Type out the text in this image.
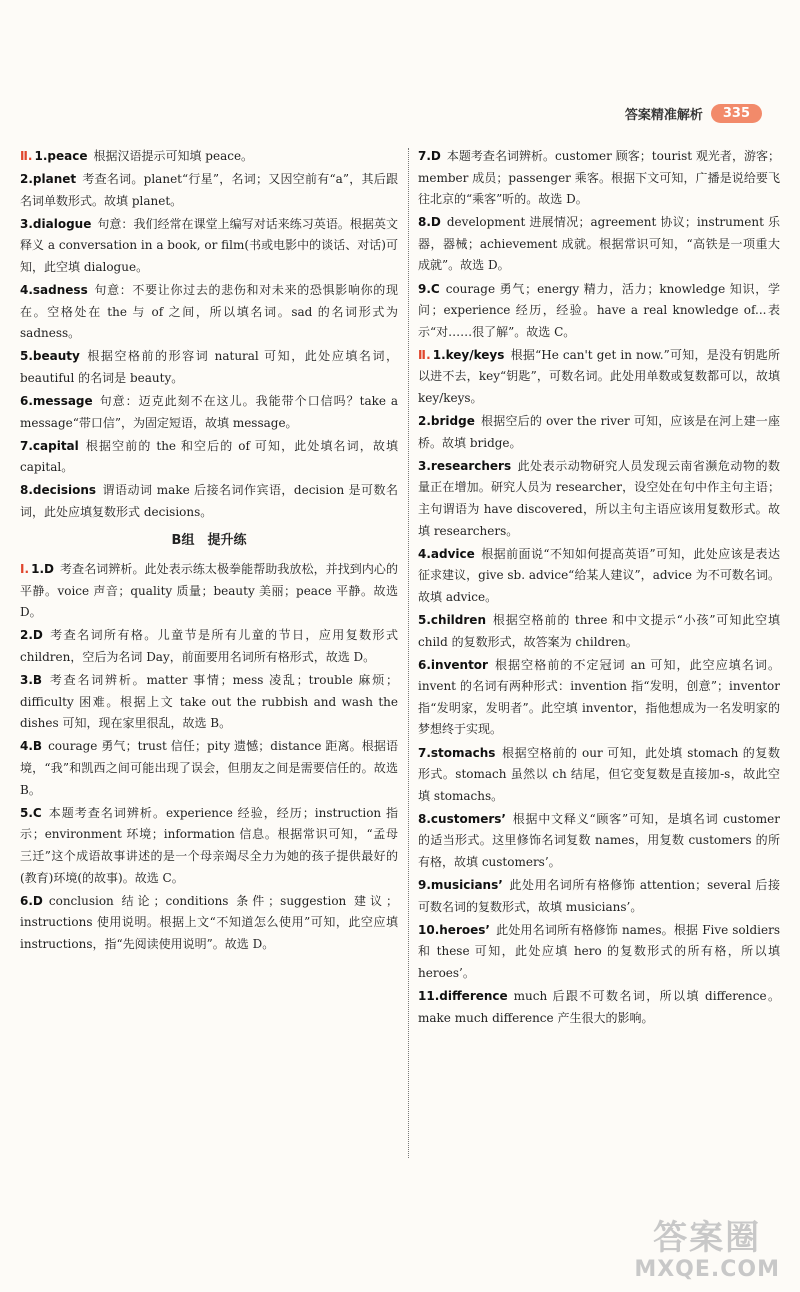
答案精准解析	335
Ⅱ. 1.peace 根据汉语提示可知填 peace。
2.planet 考查名词。planet“行星”，名词；又因空前有“a”，其后跟名词单数形式。故填 planet。
3.dialogue 句意：我们经常在课堂上编写对话来练习英语。根据英文释义 a conversation in a book, or film(书或电影中的谈话、对话)可知，此空填 dialogue。
4.sadness 句意：不要让你过去的悲伤和对未来的恐惧影响你的现在。空格处在 the 与 of 之间，所以填名词。sad 的名词形式为 sadness。
5.beauty 根据空格前的形容词 natural 可知，此处应填名词，beautiful 的名词是 beauty。
6.message 句意：迈克此刻不在这儿。我能带个口信吗？take a message“带口信”，为固定短语，故填 message。
7.capital 根据空前的 the 和空后的 of 可知，此处填名词，故填 capital。
8.decisions 谓语动词 make 后接名词作宾语，decision 是可数名词，此处应填复数形式 decisions。
B组　提升练
Ⅰ. 1.D 考查名词辨析。此处表示练太极拳能帮助我放松，并找到内心的平静。voice 声音；quality 质量；beauty 美丽；peace 平静。故选 D。
2.D 考查名词所有格。儿童节是所有儿童的节日，应用复数形式 children，空后为名词 Day，前面要用名词所有格形式，故选 D。
3.B 考查名词辨析。matter 事情；mess 凌乱；trouble 麻烦；difficulty 困难。根据上文 take out the rubbish and wash the dishes 可知，现在家里很乱，故选 B。
4.B courage 勇气；trust 信任；pity 遗憾；distance 距离。根据语境，“我”和凯西之间可能出现了误会，但朋友之间是需要信任的。故选 B。
5.C 本题考查名词辨析。experience 经验，经历；instruction 指示；environment 环境；information 信息。根据常识可知，“孟母三迁”这个成语故事讲述的是一个母亲竭尽全力为她的孩子提供最好的(教育)环境(的故事)。故选 C。
6.D conclusion 结论；conditions 条件；suggestion 建议；instructions 使用说明。根据上文“不知道怎么使用”可知，此空应填 instructions，指“先阅读使用说明”。故选 D。
7.D 本题考查名词辨析。customer 顾客；tourist 观光者，游客；member 成员；passenger 乘客。根据下文可知，广播是说给要飞往北京的“乘客”听的。故选 D。
8.D development 进展情况；agreement 协议；instrument 乐器，器械；achievement 成就。根据常识可知，“高铁是一项重大成就”。故选 D。
9.C courage 勇气；energy 精力，活力；knowledge 知识，学问；experience 经历，经验。have a real knowledge of...表示“对……很了解”。故选 C。
Ⅱ. 1.key/keys 根据“He can't get in now.”可知，是没有钥匙所以进不去，key“钥匙”，可数名词。此处用单数或复数都可以，故填 key/keys。
2.bridge 根据空后的 over the river 可知，应该是在河上建一座桥。故填 bridge。
3.researchers 此处表示动物研究人员发现云南省濒危动物的数量正在增加。研究人员为 researcher，设空处在句中作主句主语；主句谓语为 have discovered，所以主句主语应该用复数形式。故填 researchers。
4.advice 根据前面说“不知如何提高英语”可知，此处应该是表达征求建议，give sb. advice“给某人建议”，advice 为不可数名词。故填 advice。
5.children 根据空格前的 three 和中文提示“小孩”可知此空填 child 的复数形式，故答案为 children。
6.inventor 根据空格前的不定冠词 an 可知，此空应填名词。invent 的名词有两种形式：invention 指“发明，创意”；inventor 指“发明家，发明者”。此空填 inventor，指他想成为一名发明家的梦想终于实现。
7.stomachs 根据空格前的 our 可知，此处填 stomach 的复数形式。stomach 虽然以 ch 结尾，但它变复数是直接加-s，故此空填 stomachs。
8.customers’ 根据中文释义“顾客”可知，是填名词 customer 的适当形式。这里修饰名词复数 names，用复数 customers 的所有格，故填 customers’。
9.musicians’ 此处用名词所有格修饰 attention；several 后接可数名词的复数形式，故填 musicians’。
10.heroes’ 此处用名词所有格修饰 names。根据 Five soldiers 和 these 可知，此处应填 hero 的复数形式的所有格，所以填 heroes’。
11.difference much 后跟不可数名词，所以填 difference。make much difference 产生很大的影响。
答案圈
MXQE.COM
